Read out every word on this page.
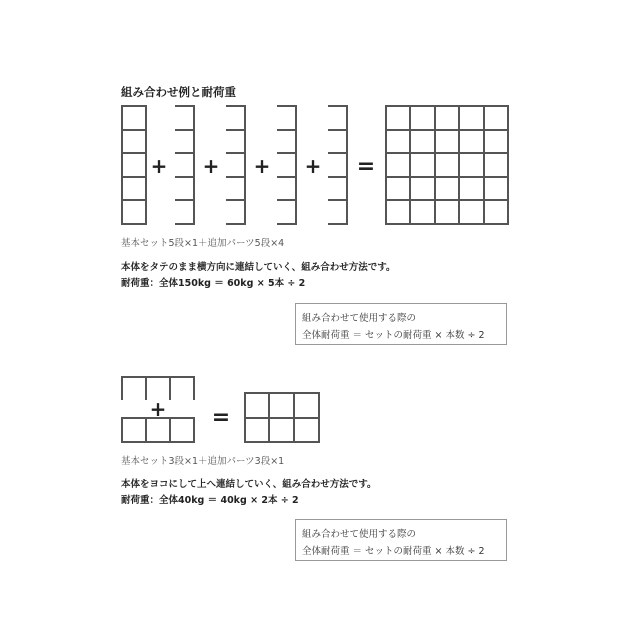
組み合わせ例と耐荷重
+ + + + =
+ =
基本セット5段×1＋追加パーツ5段×4
本体をタテのまま横方向に連結していく、組み合わせ方法です。
耐荷重：全体150kg ＝ 60kg × 5本 ÷ 2
組み合わせて使用する際の
全体耐荷重 ＝ セットの耐荷重 × 本数 ÷ 2
基本セット3段×1＋追加パーツ3段×1
本体をヨコにして上へ連結していく、組み合わせ方法です。
耐荷重：全体40kg ＝ 40kg × 2本 ÷ 2
組み合わせて使用する際の
全体耐荷重 ＝ セットの耐荷重 × 本数 ÷ 2
